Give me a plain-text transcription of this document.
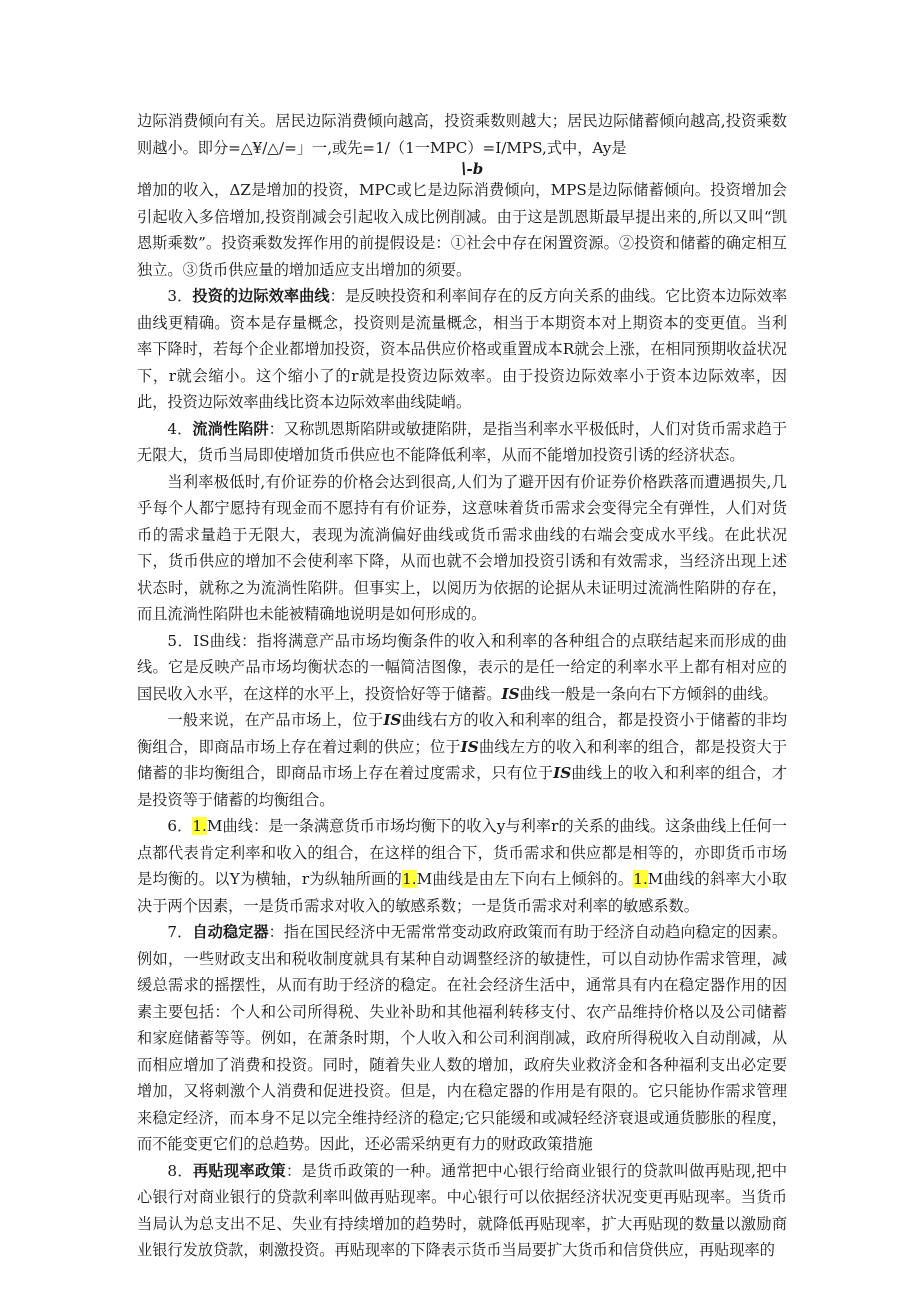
边际消费倾向有关。居民边际消费倾向越高，投资乘数则越大；居民边际储蓄倾向越高,投资乘数则越小。即分=△¥/△/=」一,或先=1/（1一MPC）=I/MPS,式中，Ay是

∖-b

增加的收入，ΔZ是增加的投资，MPC或匕是边际消费倾向，MPS是边际储蓄倾向。投资增加会引起收入多倍增加,投资削减会引起收入成比例削减。由于这是凯恩斯最早提出来的,所以又叫“凯恩斯乘数”。投资乘数发挥作用的前提假设是：①社会中存在闲置资源。②投资和储蓄的确定相互独立。③货币供应量的增加适应支出增加的须要。

3．投资的边际效率曲线：是反映投资和利率间存在的反方向关系的曲线。它比资本边际效率曲线更精确。资本是存量概念，投资则是流量概念，相当于本期资本对上期资本的变更值。当利率下降时，若每个企业都增加投资，资本品供应价格或重置成本R就会上涨，在相同预期收益状况下，r就会缩小。这个缩小了的r就是投资边际效率。由于投资边际效率小于资本边际效率，因此，投资边际效率曲线比资本边际效率曲线陡峭。

4．流淌性陷阱：又称凯恩斯陷阱或敏捷陷阱，是指当利率水平极低时，人们对货币需求趋于无限大，货币当局即使增加货币供应也不能降低利率，从而不能增加投资引诱的经济状态。

当利率极低时,有价证券的价格会达到很高,人们为了避开因有价证券价格跌落而遭遇损失,几乎每个人都宁愿持有现金而不愿持有有价证券，这意味着货币需求会变得完全有弹性，人们对货币的需求量趋于无限大，表现为流淌偏好曲线或货币需求曲线的右端会变成水平线。在此状况下，货币供应的增加不会使利率下降，从而也就不会增加投资引诱和有效需求，当经济出现上述状态时，就称之为流淌性陷阱。但事实上，以阅历为依据的论据从未证明过流淌性陷阱的存在，而且流淌性陷阱也未能被精确地说明是如何形成的。

5．IS曲线：指将满意产品市场均衡条件的收入和利率的各种组合的点联结起来而形成的曲线。它是反映产品市场均衡状态的一幅简洁图像，表示的是任一给定的利率水平上都有相对应的国民收入水平，在这样的水平上，投资恰好等于储蓄。IS曲线一般是一条向右下方倾斜的曲线。

一般来说，在产品市场上，位于IS曲线右方的收入和利率的组合，都是投资小于储蓄的非均衡组合，即商品市场上存在着过剩的供应；位于IS曲线左方的收入和利率的组合，都是投资大于储蓄的非均衡组合，即商品市场上存在着过度需求，只有位于IS曲线上的收入和利率的组合，才是投资等于储蓄的均衡组合。

6．1.M曲线：是一条满意货币市场均衡下的收入y与利率r的关系的曲线。这条曲线上任何一点都代表肯定利率和收入的组合，在这样的组合下，货币需求和供应都是相等的，亦即货币市场是均衡的。以Y为横轴，r为纵轴所画的1.M曲线是由左下向右上倾斜的。1.M曲线的斜率大小取决于两个因素，一是货币需求对收入的敏感系数；一是货币需求对利率的敏感系数。

7．自动稳定器：指在国民经济中无需常常变动政府政策而有助于经济自动趋向稳定的因素。例如，一些财政支出和税收制度就具有某种自动调整经济的敏捷性，可以自动协作需求管理，减缓总需求的摇摆性，从而有助于经济的稳定。在社会经济生活中，通常具有内在稳定器作用的因素主要包括：个人和公司所得税、失业补助和其他福利转移支付、农产品维持价格以及公司储蓄和家庭储蓄等等。例如，在萧条时期，个人收入和公司利润削减，政府所得税收入自动削减，从而相应增加了消费和投资。同时，随着失业人数的增加，政府失业救济金和各种福利支出必定要增加，又将刺激个人消费和促进投资。但是，内在稳定器的作用是有限的。它只能协作需求管理来稳定经济，而本身不足以完全维持经济的稳定;它只能缓和或减轻经济衰退或通货膨胀的程度，而不能变更它们的总趋势。因此，还必需采纳更有力的财政政策措施

8．再贴现率政策：是货币政策的一种。通常把中心银行给商业银行的贷款叫做再贴现,把中心银行对商业银行的贷款利率叫做再贴现率。中心银行可以依据经济状况变更再贴现率。当货币当局认为总支出不足、失业有持续增加的趋势时，就降低再贴现率，扩大再贴现的数量以激励商业银行发放贷款，刺激投资。再贴现率的下降表示货币当局要扩大货币和信贷供应，再贴现率的
